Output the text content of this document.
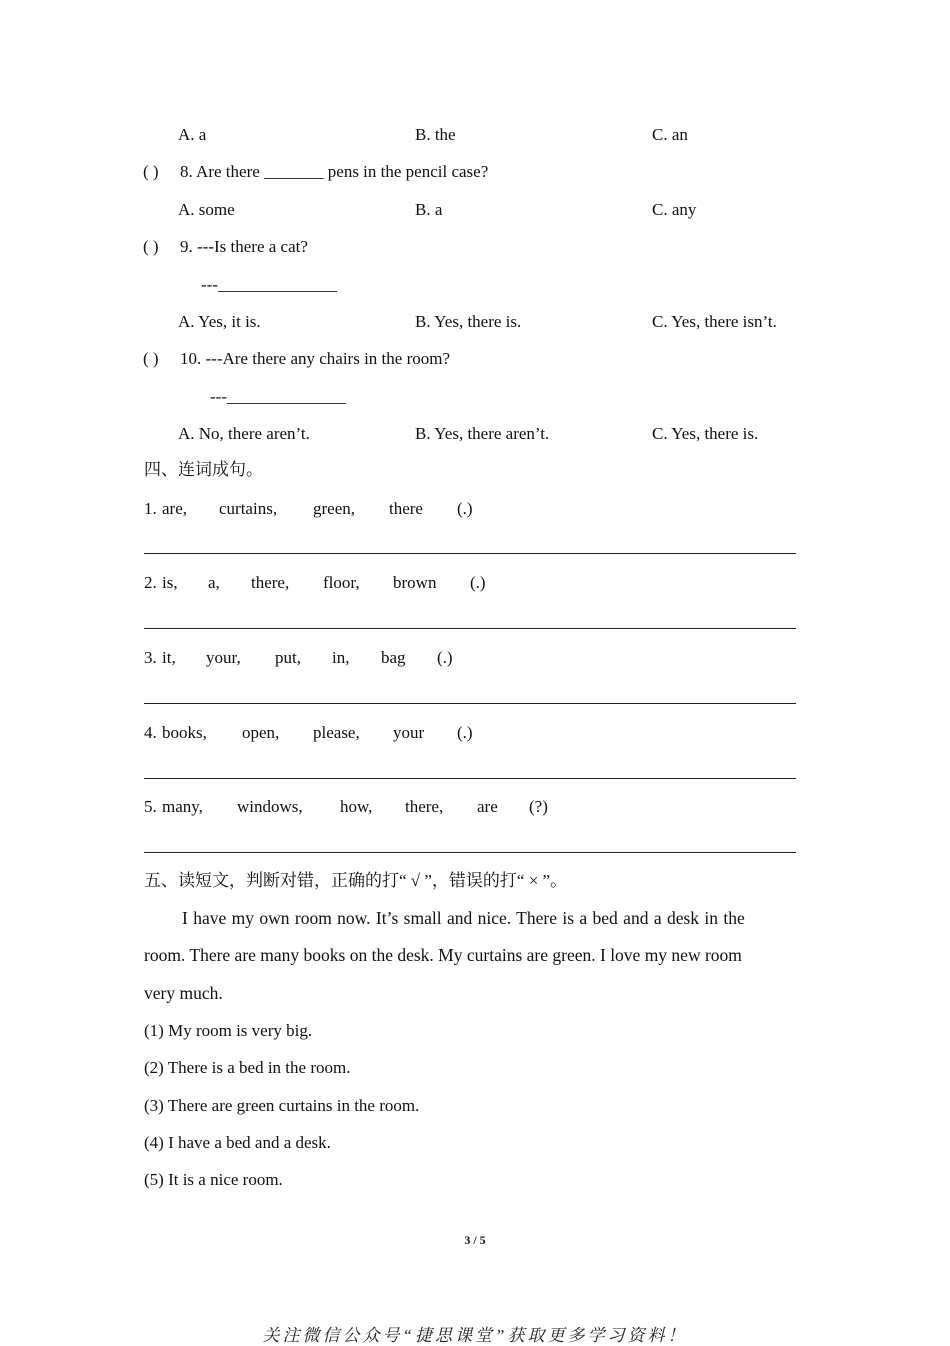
A. a	B. the	C. an
( ) 8. Are there _______ pens in the pencil case?
A. some	B. a	C. any
( ) 9. ---Is there a cat?
---______________
A. Yes, it is.	B. Yes, there is.	C. Yes, there isn’t.
( ) 10. ---Are there any chairs in the room?
---______________
A. No, there aren’t.	B. Yes, there aren’t.	C. Yes, there is.
四、连词成句。
1. are, curtains, green, there (.)
2. is, a, there, floor, brown (.)
3. it, your, put, in, bag (.)
4. books, open, please, your (.)
5. many, windows, how, there, are (?)
五、读短文，判断对错，正确的打“ √ ”，错误的打“ × ”。
I have my own room now. It’s small and nice. There is a bed and a desk in the
room. There are many books on the desk. My curtains are green. I love my new room
very much.
(1) My room is very big.
(2) There is a bed in the room.
(3) There are green curtains in the room.
(4) I have a bed and a desk.
(5) It is a nice room.
3 / 5
关注微信公众号“捷思课堂”获取更多学习资料！
